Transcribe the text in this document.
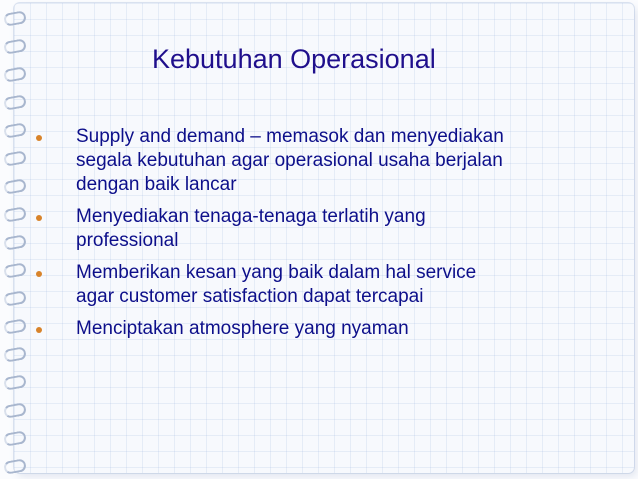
Kebutuhan Operasional
Supply and demand – memasok dan menyediakan
segala kebutuhan agar operasional usaha berjalan
dengan baik lancar
Menyediakan tenaga-tenaga terlatih yang
professional
Memberikan kesan yang baik dalam hal service
agar customer satisfaction dapat tercapai
Menciptakan atmosphere yang nyaman
